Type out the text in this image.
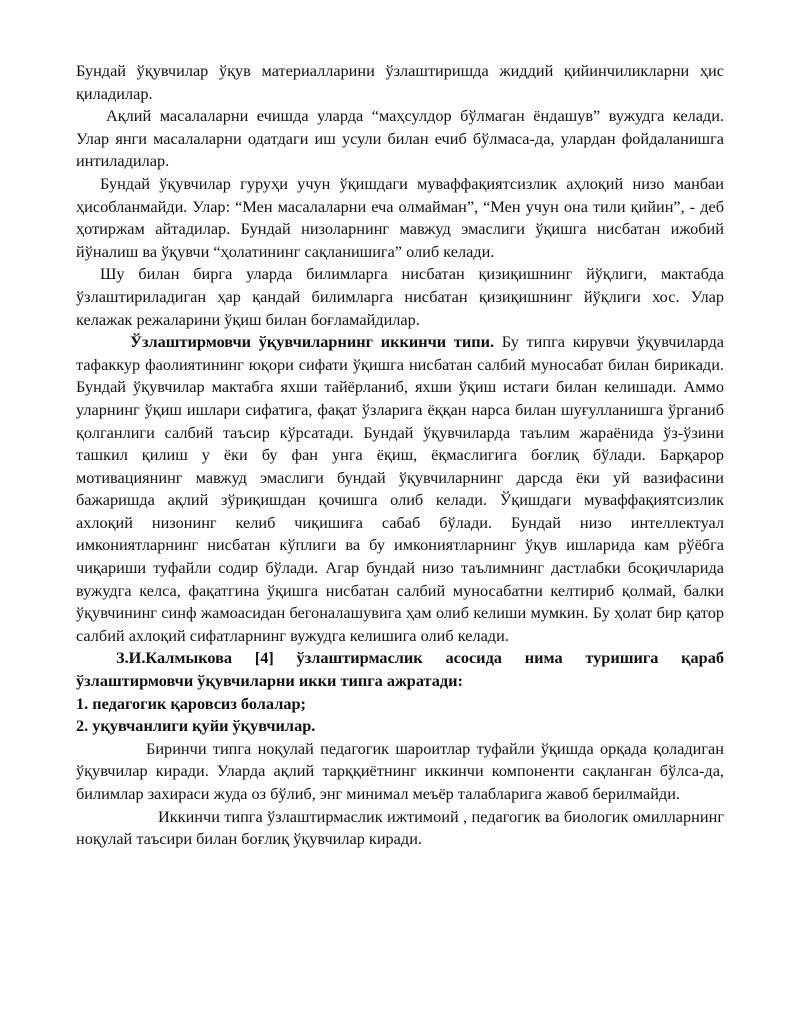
Бундай ўқувчилар ўқув материалларини ўзлаштиришда жиддий қийинчиликларни ҳис қиладилар.

Ақлий масалаларни ечишда уларда “маҳсулдор бўлмаган ёндашув” вужудга келади. Улар янги масалаларни одатдаги иш усули билан ечиб бўлмаса-да, улардан фойдаланишга интиладилар.

Бундай ўқувчилар гуруҳи учун ўқишдаги муваффақиятсизлик аҳлоқий низо манбаи ҳисобланмайди. Улар: “Мен масалаларни еча олмайман”, “Мен учун она тили қийин”, - деб ҳотиржам айтадилар. Бундай низоларнинг мавжуд эмаслиги ўқишга нисбатан ижобий йўналиш ва ўқувчи “ҳолатининг сақланишига” олиб келади.

Шу билан бирга уларда билимларга нисбатан қизиқишнинг йўқлиги, мактабда ўзлаштириладиган ҳар қандай билимларга нисбатан қизиқишнинг йўқлиги хос. Улар келажак режаларини ўқиш билан боғламайдилар.

Ўзлаштирмовчи ўқувчиларнинг иккинчи типи. Бу типга кирувчи ўқувчиларда тафаккур фаолиятининг юқори сифати ўқишга нисбатан салбий муносабат билан бирикади. Бундай ўқувчилар мактабга яхши тайёрланиб, яхши ўқиш истаги билан келишади. Аммо уларнинг ўқиш ишлари сифатига, фақат ўзларига ёққан нарса билан шуғулланишга ўрганиб қолганлиги салбий таъсир кўрсатади. Бундай ўқувчиларда таълим жараёнида ўз-ўзини ташкил қилиш у ёки бу фан унга ёқиш, ёқмаслигига боғлиқ бўлади. Барқарор мотивациянинг мавжуд эмаслиги бундай ўқувчиларнинг дарсда ёки уй вазифасини бажаришда ақлий зўриқишдан қочишга олиб келади. Ўқишдаги муваффақиятсизлик ахлоқий низонинг келиб чиқишига сабаб бўлади. Бундай низо интеллектуал имкониятларнинг нисбатан кўплиги ва бу имкониятларнинг ўқув ишларида кам рўёбга чиқариши туфайли содир бўлади. Агар бундай низо таълимнинг дастлабки бсоқичларида вужудга келса, фақатгина ўқишга нисбатан салбий муносабатни келтириб қолмай, балки ўқувчининг синф жамоасидан бегоналашувига ҳам олиб келиши мумкин. Бу ҳолат бир қатор салбий ахлоқий сифатларнинг вужудга келишига олиб келади.

З.И.Калмыкова [4] ўзлаштирмаслик асосида нима туришига қараб ўзлаштирмовчи ўқувчиларни икки типга ажратади:

1. педагогик қаровсиз болалар;

2. уқувчанлиги қуйи ўқувчилар.

Биринчи типга ноқулай педагогик шароитлар туфайли ўқишда орқада қоладиган ўқувчилар киради. Уларда ақлий тарққиётнинг иккинчи компоненти сақланган бўлса-да, билимлар захираси жуда оз бўлиб, энг минимал меъёр талабларига жавоб берилмайди.

Иккинчи типга ўзлаштирмаслик ижтимоий , педагогик ва биологик омилларнинг ноқулай таъсири билан боғлиқ ўқувчилар киради.
